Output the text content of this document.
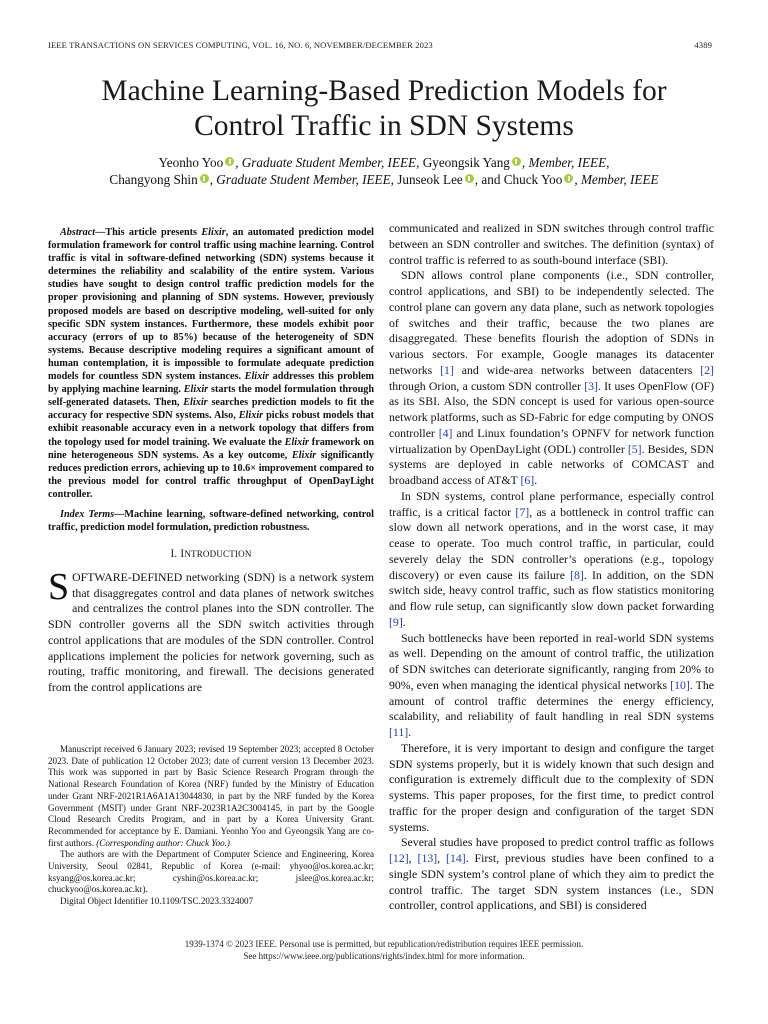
IEEE TRANSACTIONS ON SERVICES COMPUTING, VOL. 16, NO. 6, NOVEMBER/DECEMBER 2023	4389
Machine Learning-Based Prediction Models for
Control Traffic in SDN Systems
Yeonho Yoo , Graduate Student Member, IEEE, Gyeongsik Yang , Member, IEEE,
Changyong Shin , Graduate Student Member, IEEE, Junseok Lee , and Chuck Yoo , Member, IEEE

Abstract—This article presents Elixir, an automated prediction model formulation framework for control traffic using machine learning. Control traffic is vital in software-defined networking (SDN) systems because it determines the reliability and scalability of the entire system. Various studies have sought to design control traffic prediction models for the proper provisioning and planning of SDN systems. However, previously proposed models are based on descriptive modeling, well-suited for only specific SDN system instances. Furthermore, these models exhibit poor accuracy (errors of up to 85%) because of the heterogeneity of SDN systems. Because descriptive modeling requires a significant amount of human contemplation, it is impossible to formulate adequate prediction models for countless SDN system instances. Elixir addresses this problem by applying machine learning. Elixir starts the model formulation through self-generated datasets. Then, Elixir searches prediction models to fit the accuracy for respective SDN systems. Also, Elixir picks robust models that exhibit reasonable accuracy even in a network topology that differs from the topology used for model training. We evaluate the Elixir framework on nine heterogeneous SDN systems. As a key outcome, Elixir significantly reduces prediction errors, achieving up to 10.6× improvement compared to the previous model for control traffic throughput of OpenDayLight controller.

Index Terms—Machine learning, software-defined networking, control traffic, prediction model formulation, prediction robustness.

I. INTRODUCTION

SOFTWARE-DEFINED networking (SDN) is a network system that disaggregates control and data planes of network switches and centralizes the control planes into the SDN controller. The SDN controller governs all the SDN switch activities through control applications that are modules of the SDN controller. Control applications implement the policies for network governing, such as routing, traffic monitoring, and firewall. The decisions generated from the control applications are

Manuscript received 6 January 2023; revised 19 September 2023; accepted 8 October 2023. Date of publication 12 October 2023; date of current version 13 December 2023. This work was supported in part by Basic Science Research Program through the National Research Foundation of Korea (NRF) funded by the Ministry of Education under Grant NRF-2021R1A6A1A13044830, in part by the NRF funded by the Korea Government (MSIT) under Grant NRF-2023R1A2C3004145, in part by the Google Cloud Research Credits Program, and in part by a Korea University Grant. Recommended for acceptance by E. Damiani. Yeonho Yoo and Gyeongsik Yang are co-first authors. (Corresponding author: Chuck Yoo.)

The authors are with the Department of Computer Science and Engineering, Korea University, Seoul 02841, Republic of Korea (e-mail: yhyoo@os.korea.ac.kr; ksyang@os.korea.ac.kr; cyshin@os.korea.ac.kr; jslee@os.korea.ac.kr; chuckyoo@os.korea.ac.kr).

Digital Object Identifier 10.1109/TSC.2023.3324007

communicated and realized in SDN switches through control traffic between an SDN controller and switches. The definition (syntax) of control traffic is referred to as south-bound interface (SBI).

SDN allows control plane components (i.e., SDN controller, control applications, and SBI) to be independently selected. The control plane can govern any data plane, such as network topologies of switches and their traffic, because the two planes are disaggregated. These benefits flourish the adoption of SDNs in various sectors. For example, Google manages its datacenter networks [1] and wide-area networks between datacenters [2] through Orion, a custom SDN controller [3]. It uses OpenFlow (OF) as its SBI. Also, the SDN concept is used for various open-source network platforms, such as SD-Fabric for edge computing by ONOS controller [4] and Linux foundation’s OPNFV for network function virtualization by OpenDayLight (ODL) controller [5]. Besides, SDN systems are deployed in cable networks of COMCAST and broadband access of AT&T [6].

In SDN systems, control plane performance, especially control traffic, is a critical factor [7], as a bottleneck in control traffic can slow down all network operations, and in the worst case, it may cease to operate. Too much control traffic, in particular, could severely delay the SDN controller’s operations (e.g., topology discovery) or even cause its failure [8]. In addition, on the SDN switch side, heavy control traffic, such as flow statistics monitoring and flow rule setup, can significantly slow down packet forwarding [9].

Such bottlenecks have been reported in real-world SDN systems as well. Depending on the amount of control traffic, the utilization of SDN switches can deteriorate significantly, ranging from 20% to 90%, even when managing the identical physical networks [10]. The amount of control traffic determines the energy efficiency, scalability, and reliability of fault handling in real SDN systems [11].

Therefore, it is very important to design and configure the target SDN systems properly, but it is widely known that such design and configuration is extremely difficult due to the complexity of SDN systems. This paper proposes, for the first time, to predict control traffic for the proper design and configuration of the target SDN systems.

Several studies have proposed to predict control traffic as follows [12], [13], [14]. First, previous studies have been confined to a single SDN system’s control plane of which they aim to predict the control traffic. The target SDN system instances (i.e., SDN controller, control applications, and SBI) is considered

1939-1374 © 2023 IEEE. Personal use is permitted, but republication/redistribution requires IEEE permission.
See https://www.ieee.org/publications/rights/index.html for more information.
